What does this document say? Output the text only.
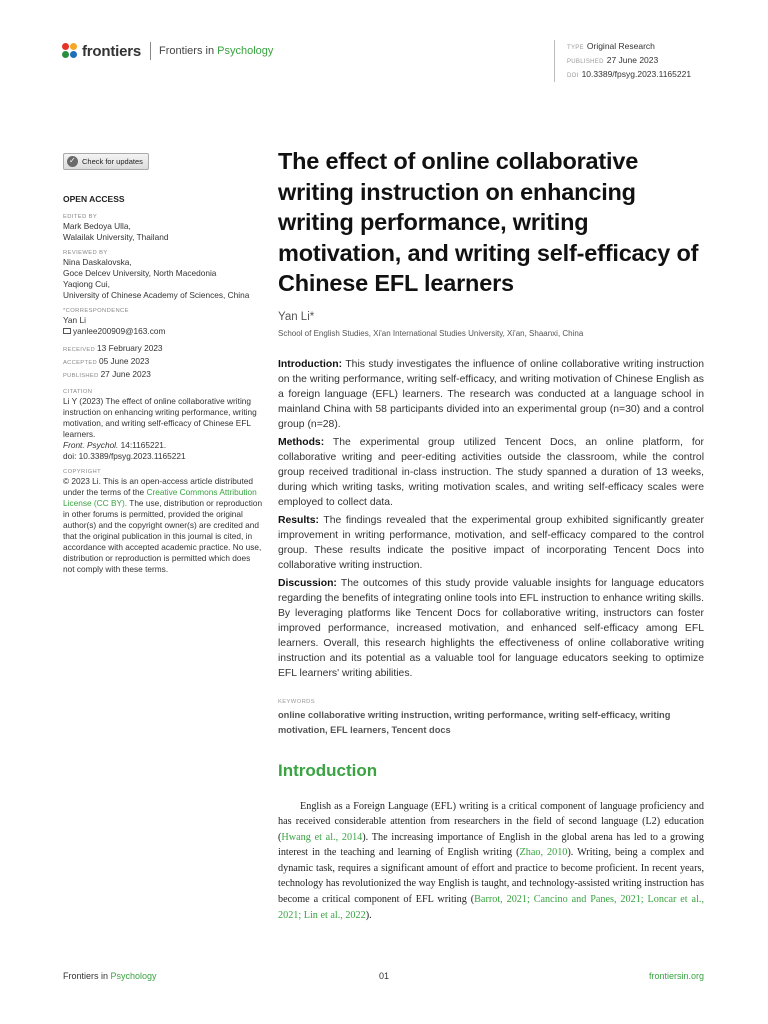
frontiers Frontiers in Psychology	TYPE Original Research
PUBLISHED 27 June 2023
DOI 10.3389/fpsyg.2023.1165221
✓
Check for updates
OPEN ACCESS
EDITED BY

Mark Bedoya Ulla,

Walailak University, Thailand

REVIEWED BY

Nina Daskalovska,

Goce Delcev University, North Macedonia

Yaqiong Cui,

University of Chinese Academy of Sciences, China

*CORRESPONDENCE

Yan Li

yanlee200909@163.com

RECEIVED 13 February 2023

ACCEPTED 05 June 2023

PUBLISHED 27 June 2023

CITATION

Li Y (2023) The effect of online collaborative writing instruction on enhancing writing performance, writing motivation, and writing self-efficacy of Chinese EFL learners.
Front. Psychol. 14:1165221.
doi: 10.3389/fpsyg.2023.1165221

COPYRIGHT

© 2023 Li. This is an open-access article distributed under the terms of the Creative Commons Attribution License (CC BY). The use, distribution or reproduction in other forums is permitted, provided the original author(s) and the copyright owner(s) are credited and that the original publication in this journal is cited, in accordance with accepted academic practice. No use, distribution or reproduction is permitted which does not comply with these terms.

The effect of online collaborative writing instruction on enhancing writing performance, writing motivation, and writing self-efficacy of Chinese EFL learners
Yan Li*
School of English Studies, Xi'an International Studies University, Xi'an, Shaanxi, China

Introduction: This study investigates the influence of online collaborative writing instruction on the writing performance, writing self-efficacy, and writing motivation of Chinese English as a foreign language (EFL) learners. The research was conducted at a language school in mainland China with 58 participants divided into an experimental group (n=30) and a control group (n=28).

Methods: The experimental group utilized Tencent Docs, an online platform, for collaborative writing and peer-editing activities outside the classroom, while the control group received traditional in-class instruction. The study spanned a duration of 13 weeks, during which writing tasks, writing motivation scales, and writing self-efficacy scales were employed to collect data.

Results: The findings revealed that the experimental group exhibited significantly greater improvement in writing performance, motivation, and self-efficacy compared to the control group. These results indicate the positive impact of incorporating Tencent Docs into collaborative writing instruction.

Discussion: The outcomes of this study provide valuable insights for language educators regarding the benefits of integrating online tools into EFL instruction to enhance writing skills. By leveraging platforms like Tencent Docs for collaborative writing, instructors can foster improved performance, increased motivation, and enhanced self-efficacy among EFL learners. Overall, this research highlights the effectiveness of online collaborative writing instruction and its potential as a valuable tool for language educators seeking to optimize EFL learners' writing abilities.

KEYWORDS
online collaborative writing instruction, writing performance, writing self-efficacy, writing motivation, EFL learners, Tencent docs
Introduction

English as a Foreign Language (EFL) writing is a critical component of language proficiency and has received considerable attention from researchers in the field of second language (L2) education (Hwang et al., 2014). The increasing importance of English in the global arena has led to a growing interest in the teaching and learning of English writing (Zhao, 2010). Writing, being a complex and dynamic task, requires a significant amount of effort and practice to become proficient. In recent years, technology has revolutionized the way English is taught, and technology-assisted writing instruction has become a critical component of EFL writing (Barrot, 2021; Cancino and Panes, 2021; Loncar et al., 2021; Lin et al., 2022).

Frontiers in Psychology	01	frontiersin.org
